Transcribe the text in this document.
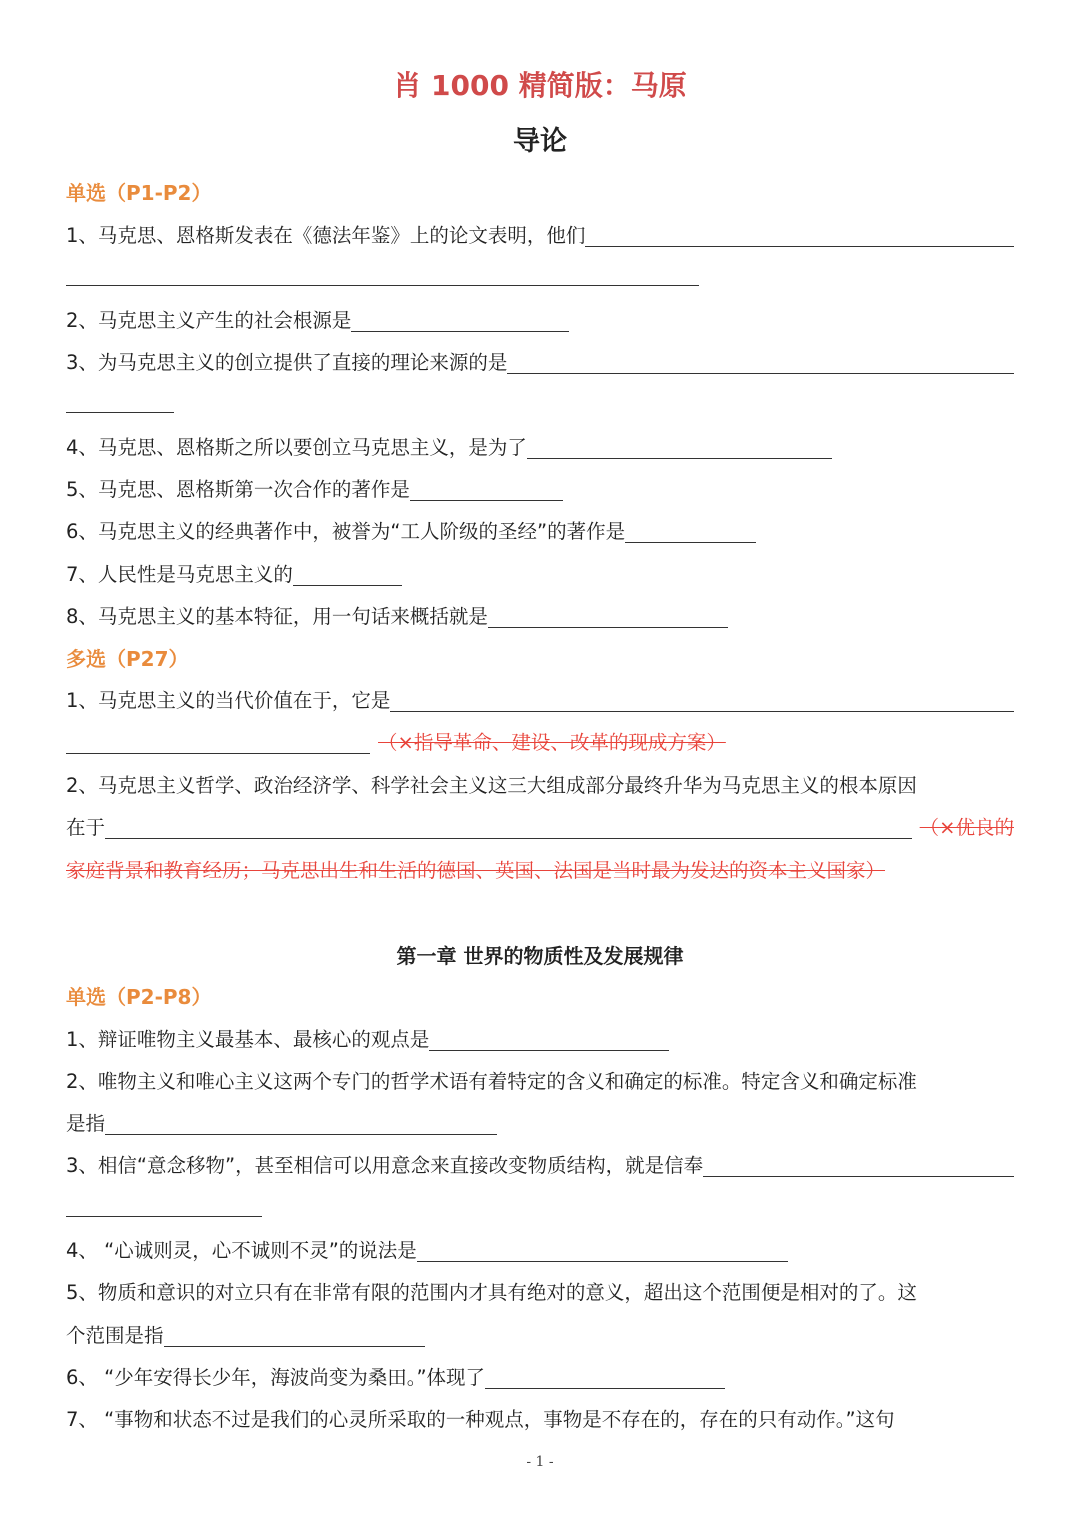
肖 1000 精简版：马原
导论
单选（P1-P2）
1、马克思、恩格斯发表在《德法年鉴》上的论文表明，他们
2、马克思主义产生的社会根源是
3、为马克思主义的创立提供了直接的理论来源的是
4、马克思、恩格斯之所以要创立马克思主义，是为了
5、马克思、恩格斯第一次合作的著作是
6、马克思主义的经典著作中，被誉为“工人阶级的圣经”的著作是
7、人民性是马克思主义的
8、马克思主义的基本特征，用一句话来概括就是
多选（P27）
1、马克思主义的当代价值在于，它是
（×指导革命、建设、改革的现成方案）
2、马克思主义哲学、政治经济学、科学社会主义这三大组成部分最终升华为马克思主义的根本原因
在于	（×优良的
家庭背景和教育经历；马克思出生和生活的德国、英国、法国是当时最为发达的资本主义国家）
第一章 世界的物质性及发展规律
单选（P2-P8）
1、辩证唯物主义最基本、最核心的观点是
2、唯物主义和唯心主义这两个专门的哲学术语有着特定的含义和确定的标准。特定含义和确定标准
是指
3、相信“意念移物”，甚至相信可以用意念来直接改变物质结构，就是信奉
4、 “心诚则灵，心不诚则不灵”的说法是
5、物质和意识的对立只有在非常有限的范围内才具有绝对的意义，超出这个范围便是相对的了。这
个范围是指
6、 “少年安得长少年，海波尚变为桑田。”体现了
7、 “事物和状态不过是我们的心灵所采取的一种观点，事物是不存在的，存在的只有动作。”这句
- 1 -
